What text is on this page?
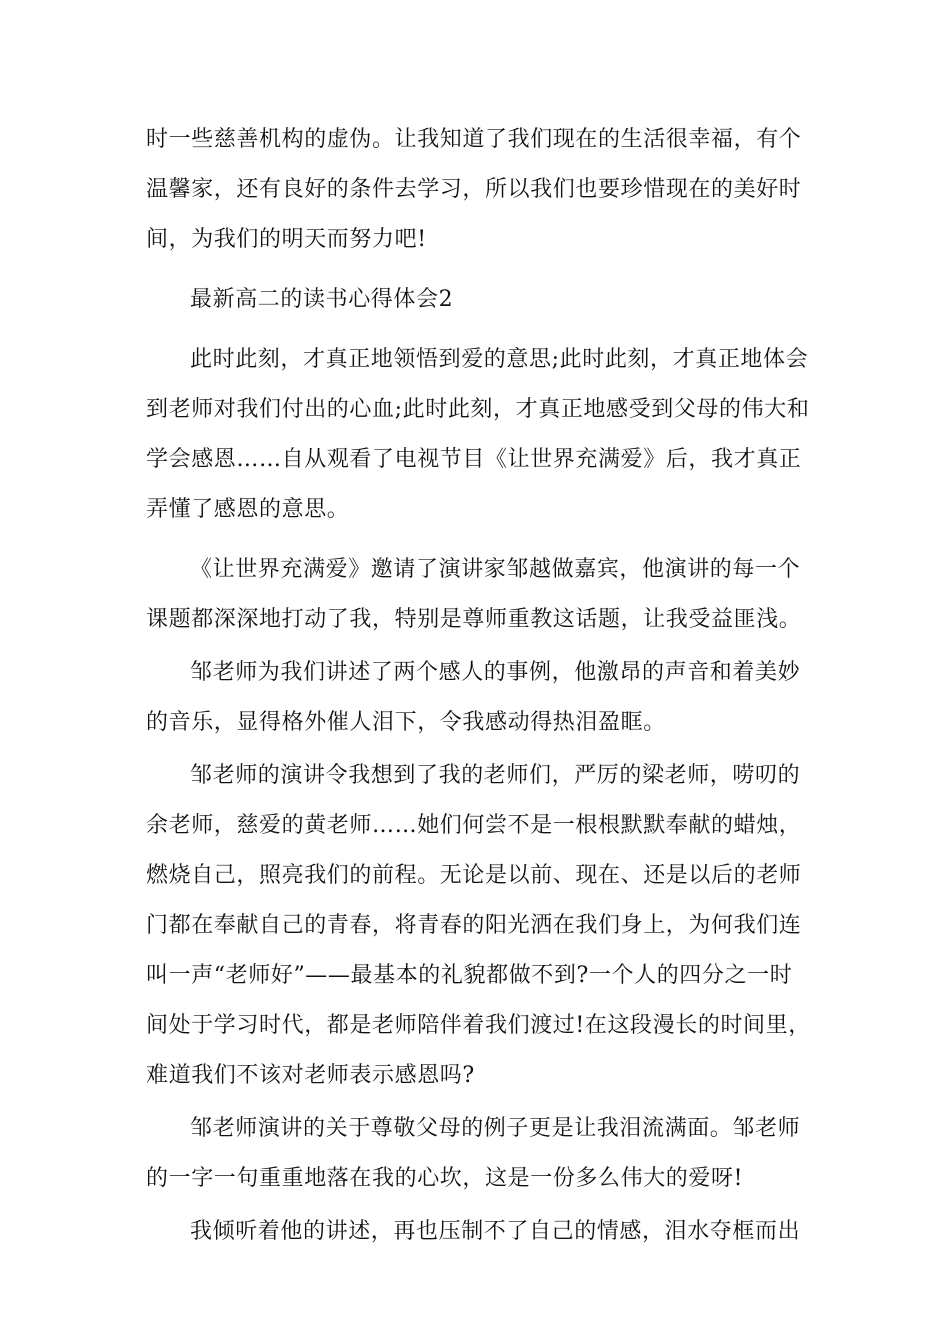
时一些慈善机构的虚伪。让我知道了我们现在的生活很幸福，有个

温馨家，还有良好的条件去学习，所以我们也要珍惜现在的美好时

间，为我们的明天而努力吧!

最新高二的读书心得体会2

此时此刻，才真正地领悟到爱的意思;此时此刻，才真正地体会

到老师对我们付出的心血;此时此刻，才真正地感受到父母的伟大和

学会感恩……自从观看了电视节目《让世界充满爱》后，我才真正

弄懂了感恩的意思。

《让世界充满爱》邀请了演讲家邹越做嘉宾，他演讲的每一个

课题都深深地打动了我，特别是尊师重教这话题，让我受益匪浅。

邹老师为我们讲述了两个感人的事例，他激昂的声音和着美妙

的音乐，显得格外催人泪下，令我感动得热泪盈眶。

邹老师的演讲令我想到了我的老师们，严厉的梁老师，唠叨的

余老师，慈爱的黄老师……她们何尝不是一根根默默奉献的蜡烛，

燃烧自己，照亮我们的前程。无论是以前、现在、还是以后的老师

门都在奉献自己的青春，将青春的阳光洒在我们身上，为何我们连

叫一声“老师好”——最基本的礼貌都做不到?一个人的四分之一时

间处于学习时代，都是老师陪伴着我们渡过!在这段漫长的时间里，

难道我们不该对老师表示感恩吗?

邹老师演讲的关于尊敬父母的例子更是让我泪流满面。邹老师

的一字一句重重地落在我的心坎，这是一份多么伟大的爱呀!

我倾听着他的讲述，再也压制不了自己的情感，泪水夺框而出
